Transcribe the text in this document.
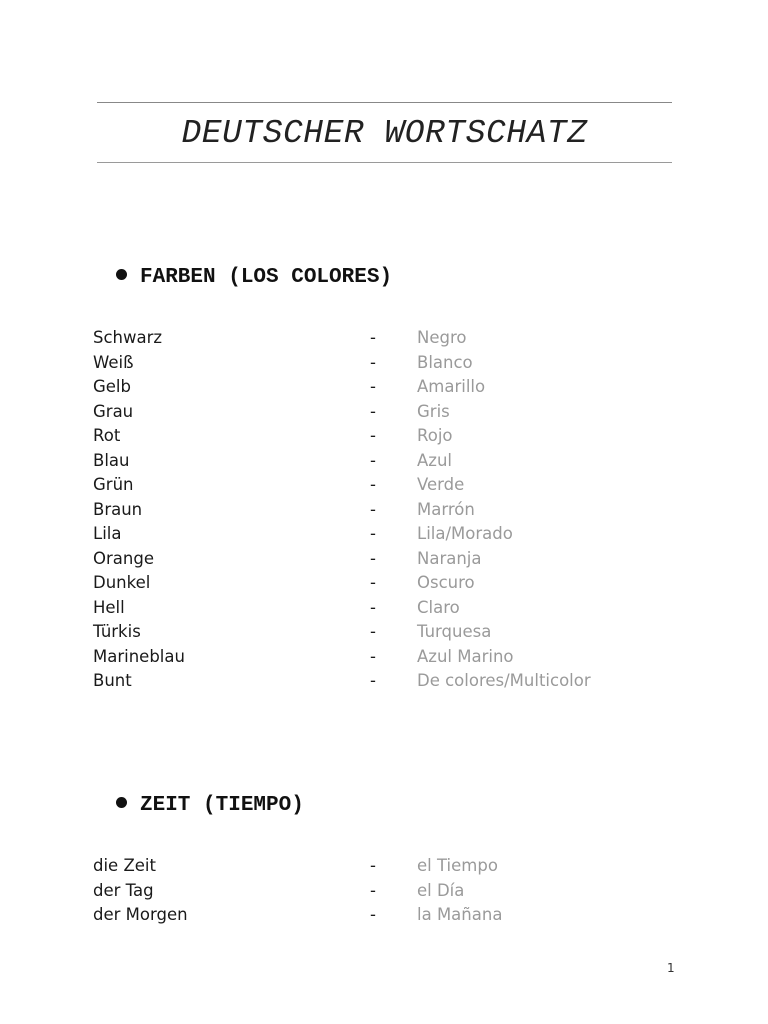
DEUTSCHER WORTSCHATZ
FARBEN (LOS COLORES)
Schwarz	- Negro
Weiß	- Blanco
Gelb	- Amarillo
Grau	- Gris
Rot	- Rojo
Blau	- Azul
Grün	- Verde
Braun	- Marrón
Lila	- Lila/Morado
Orange	- Naranja
Dunkel	- Oscuro
Hell	- Claro
Türkis	- Turquesa
Marineblau	- Azul Marino
Bunt	- De colores/Multicolor
ZEIT (TIEMPO)
die Zeit	- el Tiempo
der Tag	- el Día
der Morgen	- la Mañana
1
